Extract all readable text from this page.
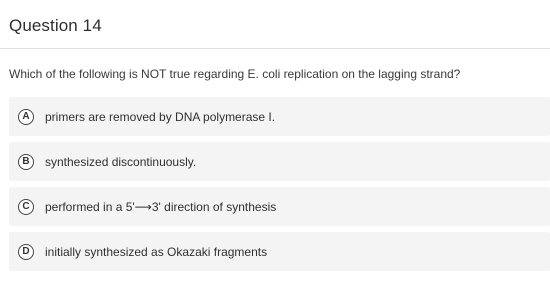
Question 14
Which of the following is NOT true regarding E. coli replication on the lagging strand?
A	primers are removed by DNA polymerase I.
B	synthesized discontinuously.
C	performed in a 5'⟶3' direction of synthesis
D	initially synthesized as Okazaki fragments
